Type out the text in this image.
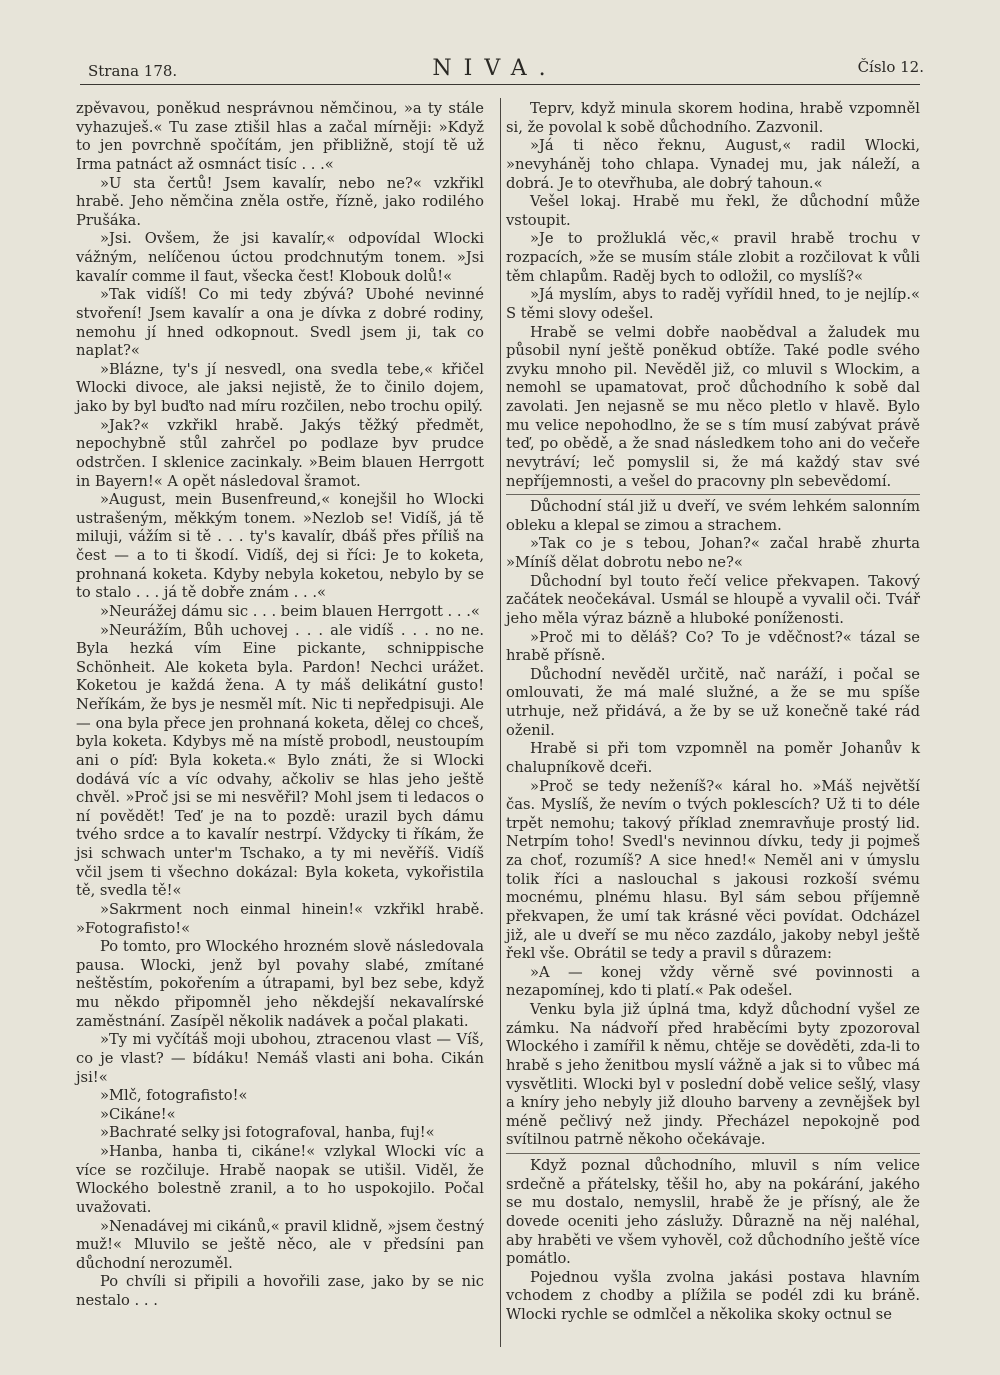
Strana 178.	NIVA.	Číslo 12.

zpěvavou, poněkud nesprávnou němčinou, »a ty stále vyhazuješ.« Tu zase ztišil hlas a začal mírněji: »Když to jen povrchně spočítám, jen přibližně, stojí tě už Irma patnáct až osmnáct tisíc . . .«

»U sta čertů! Jsem kavalír, nebo ne?« vzkřikl hrabě. Jeho němčina zněla ostře, řízně, jako rodilého Prušáka.

»Jsi. Ovšem, že jsi kavalír,« odpovídal Wlocki vážným, nelíčenou úctou prodchnutým tonem. »Jsi kavalír comme il faut, všecka čest! Klobouk dolů!«

»Tak vidíš! Co mi tedy zbývá? Ubohé nevinné stvoření! Jsem kavalír a ona je dívka z dobré rodiny, nemohu jí hned odkopnout. Svedl jsem ji, tak co naplat?«

»Blázne, ty's jí nesvedl, ona svedla tebe,« křičel Wlocki divoce, ale jaksi nejistě, že to činilo dojem, jako by byl buďto nad míru rozčilen, nebo trochu opilý.

»Jak?« vzkřikl hrabě. Jakýs těžký předmět, nepochybně stůl zahrčel po podlaze byv prudce odstrčen. I sklenice zacinkaly. »Beim blauen Herrgott in Bayern!« A opět následoval šramot.

»August, mein Busenfreund,« konejšil ho Wlocki ustrašeným, měkkým tonem. »Nezlob se! Vidíš, já tě miluji, vážím si tě . . . ty's kavalír, dbáš přes příliš na čest — a to ti škodí. Vidíš, dej si říci: Je to koketa, prohnaná koketa. Kdyby nebyla koketou, nebylo by se to stalo . . . já tě dobře znám . . .«

»Neurážej dámu sic . . . beim blauen Herrgott . . .«

»Neurážím, Bůh uchovej . . . ale vidíš . . . no ne. Byla hezká vím Eine pickante, schnippische Schönheit. Ale koketa byla. Pardon! Nechci urážet. Koketou je každá žena. A ty máš delikátní gusto! Neříkám, že bys je nesměl mít. Nic ti nepředpisuji. Ale — ona byla přece jen prohnaná koketa, dělej co chceš, byla koketa. Kdybys mě na místě probodl, neustoupím ani o píď: Byla koketa.« Bylo znáti, že si Wlocki dodává víc a víc odvahy, ačkoliv se hlas jeho ještě chvěl. »Proč jsi se mi nesvěřil? Mohl jsem ti ledacos o ní povědět! Teď je na to pozdě: urazil bych dámu tvého srdce a to kavalír nestrpí. Vždycky ti říkám, že jsi schwach unter'm Tschako, a ty mi nevěříš. Vidíš včil jsem ti všechno dokázal: Byla koketa, vykořistila tě, svedla tě!«

»Sakrment noch einmal hinein!« vzkřikl hrabě. »Fotografisto!«

Po tomto, pro Wlockého hrozném slově následovala pausa. Wlocki, jenž byl povahy slabé, zmítané neštěstím, pokořením a útrapami, byl bez sebe, když mu někdo připomněl jeho někdejší nekavalírské zaměstnání. Zasípěl několik nadávek a počal plakati.

»Ty mi vyčítáš moji ubohou, ztracenou vlast — Víš, co je vlast? — bídáku! Nemáš vlasti ani boha. Cikán jsi!«

»Mlč, fotografisto!«

»Cikáne!«

»Bachraté selky jsi fotografoval, hanba, fuj!«

»Hanba, hanba ti, cikáne!« vzlykal Wlocki víc a více se rozčiluje. Hrabě naopak se utišil. Viděl, že Wlockého bolestně zranil, a to ho uspokojilo. Počal uvažovati.

»Nenadávej mi cikánů,« pravil klidně, »jsem čestný muž!« Mluvilo se ještě něco, ale v předsíni pan důchodní nerozuměl.

Po chvíli si připili a hovořili zase, jako by se nic nestalo . . .

Teprv, když minula skorem hodina, hrabě vzpomněl si, že povolal k sobě důchodního. Zazvonil.

»Já ti něco řeknu, August,« radil Wlocki, »nevyháněj toho chlapa. Vynadej mu, jak náleží, a dobrá. Je to otevřhuba, ale dobrý tahoun.«

Vešel lokaj. Hrabě mu řekl, že důchodní může vstoupit.

»Je to prožluklá věc,« pravil hrabě trochu v rozpacích, »že se musím stále zlobit a rozčilovat k vůli těm chlapům. Raděj bych to odložil, co myslíš?«

»Já myslím, abys to raděj vyřídil hned, to je nejlíp.« S těmi slovy odešel.

Hrabě se velmi dobře naobědval a žaludek mu působil nyní ještě poněkud obtíže. Také podle svého zvyku mnoho pil. Nevěděl již, co mluvil s Wlockim, a nemohl se upamatovat, proč důchodního k sobě dal zavolati. Jen nejasně se mu něco pletlo v hlavě. Bylo mu velice nepohodlno, že se s tím musí zabývat právě teď, po obědě, a že snad následkem toho ani do večeře nevytráví; leč pomyslil si, že má každý stav své nepříjemnosti, a vešel do pracovny pln sebevědomí.

Důchodní stál již u dveří, ve svém lehkém salonním obleku a klepal se zimou a strachem.

»Tak co je s tebou, Johan?« začal hrabě zhurta »Míníš dělat dobrotu nebo ne?«

Důchodní byl touto řečí velice překvapen. Takový začátek neočekával. Usmál se hloupě a vyvalil oči. Tvář jeho měla výraz bázně a hluboké poníženosti.

»Proč mi to děláš? Co? To je vděčnost?« tázal se hrabě přísně.

Důchodní nevěděl určitě, nač naráží, i počal se omlouvati, že má malé služné, a že se mu spíše utrhuje, než přidává, a že by se už konečně také rád oženil.

Hrabě si při tom vzpomněl na poměr Johanův k chalupníkově dceři.

»Proč se tedy neženíš?« káral ho. »Máš největší čas. Myslíš, že nevím o tvých poklescích? Už ti to déle trpět nemohu; takový příklad znemravňuje prostý lid. Netrpím toho! Svedl's nevinnou dívku, tedy ji pojmeš za choť, rozumíš? A sice hned!« Neměl ani v úmyslu tolik říci a naslouchal s jakousi rozkoší svému mocnému, plnému hlasu. Byl sám sebou příjemně překvapen, že umí tak krásné věci povídat. Odcházel již, ale u dveří se mu něco zazdálo, jakoby nebyl ještě řekl vše. Obrátil se tedy a pravil s důrazem:

»A — konej vždy věrně své povinnosti a nezapomínej, kdo ti platí.« Pak odešel.

Venku byla již úplná tma, když důchodní vyšel ze zámku. Na nádvoří před hraběcími byty zpozoroval Wlockého i zamířil k němu, chtěje se dověděti, zda-li to hrabě s jeho ženitbou myslí vážně a jak si to vůbec má vysvětliti. Wlocki byl v poslední době velice sešlý, vlasy a kníry jeho nebyly již dlouho barveny a zevnějšek byl méně pečlivý než jindy. Přecházel nepokojně pod svítilnou patrně někoho očekávaje.

Když poznal důchodního, mluvil s ním velice srdečně a přátelsky, těšil ho, aby na pokárání, jakého se mu dostalo, nemyslil, hrabě že je přísný, ale že dovede oceniti jeho záslužy. Důrazně na něj naléhal, aby hraběti ve všem vyhověl, což důchodního ještě více pomátlo.

Pojednou vyšla zvolna jakási postava hlavním vchodem z chodby a plížila se podél zdi ku bráně. Wlocki rychle se odmlčel a několika skoky octnul se
